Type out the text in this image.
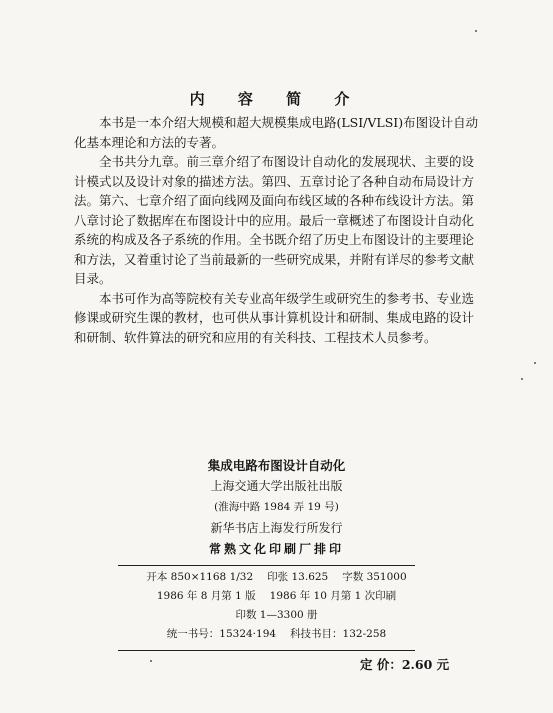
内 容 简 介

本书是一本介绍大规模和超大规模集成电路(LSI/VLSI)布图设计自动化基本理论和方法的专著。

全书共分九章。前三章介绍了布图设计自动化的发展现状、主要的设计模式以及设计对象的描述方法。第四、五章讨论了各种自动布局设计方法。第六、七章介绍了面向线网及面向布线区域的各种布线设计方法。第八章讨论了数据库在布图设计中的应用。最后一章概述了布图设计自动化系统的构成及各子系统的作用。全书既介绍了历史上布图设计的主要理论和方法，又着重讨论了当前最新的一些研究成果，并附有详尽的参考文献目录。

本书可作为高等院校有关专业高年级学生或研究生的参考书、专业选修课或研究生课的教材，也可供从事计算机设计和研制、集成电路的设计和研制、软件算法的研究和应用的有关科技、工程技术人员参考。

集成电路布图设计自动化
上海交通大学出版社出版
(淮海中路 1984 弄 19 号)
新华书店上海发行所发行
常熟文化印刷厂排印
开本 850×1168 1/32 印张 13.625 字数 351000
1986 年 8 月第 1 版 1986 年 10 月第 1 次印刷
印数 1—3300 册
统一书号：15324·194 科技书目：132-258
定 价：2.60 元
